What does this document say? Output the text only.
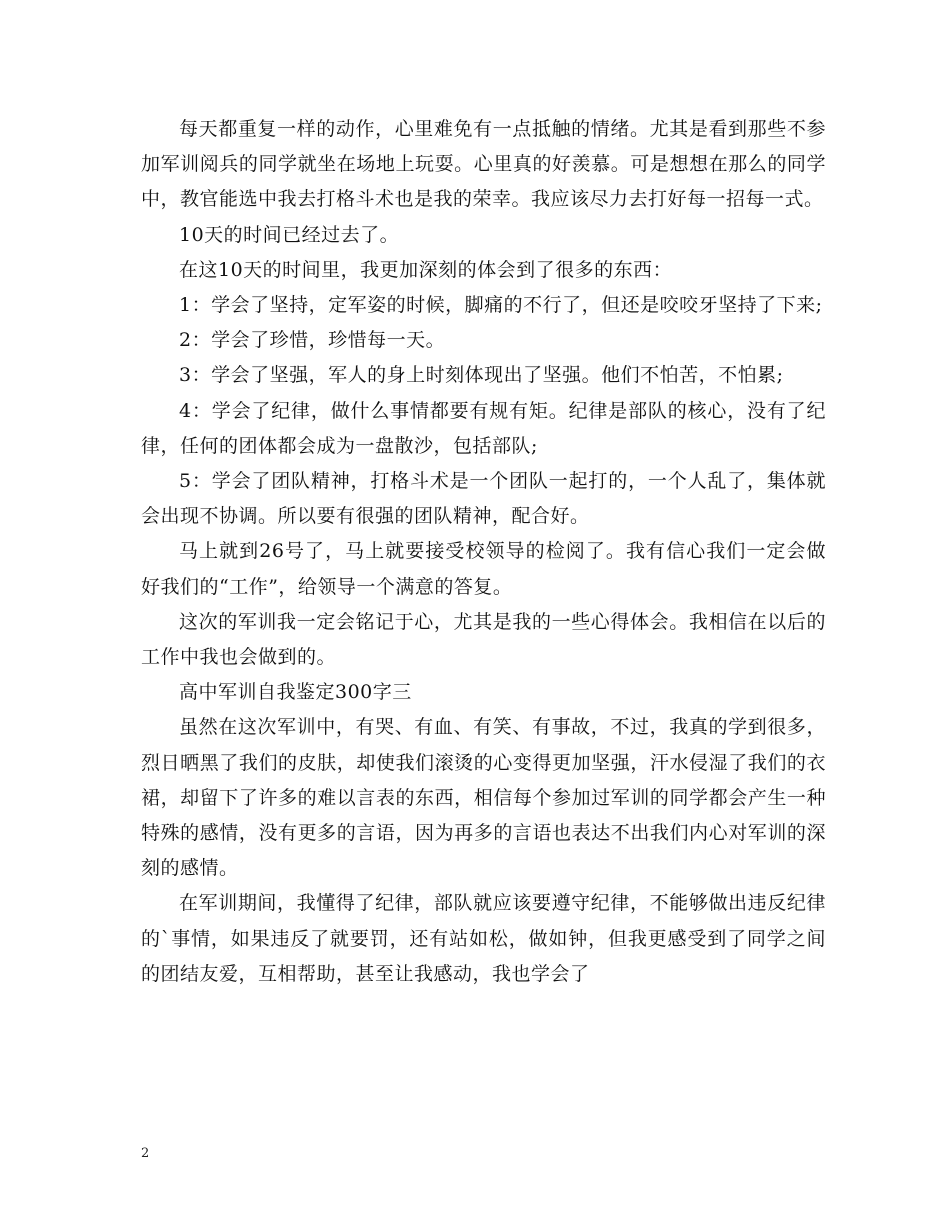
每天都重复一样的动作，心里难免有一点抵触的情绪。尤其是看到那些不参加军训阅兵的同学就坐在场地上玩耍。心里真的好羡慕。可是想想在那么的同学中，教官能选中我去打格斗术也是我的荣幸。我应该尽力去打好每一招每一式。

10天的时间已经过去了。

在这10天的时间里，我更加深刻的体会到了很多的东西：

1：学会了坚持，定军姿的时候，脚痛的不行了，但还是咬咬牙坚持了下来;

2：学会了珍惜，珍惜每一天。

3：学会了坚强，军人的身上时刻体现出了坚强。他们不怕苦，不怕累;

4：学会了纪律，做什么事情都要有规有矩。纪律是部队的核心，没有了纪律，任何的团体都会成为一盘散沙，包括部队;

5：学会了团队精神，打格斗术是一个团队一起打的，一个人乱了，集体就会出现不协调。所以要有很强的团队精神，配合好。

马上就到26号了，马上就要接受校领导的检阅了。我有信心我们一定会做好我们的“工作”，给领导一个满意的答复。

这次的军训我一定会铭记于心，尤其是我的一些心得体会。我相信在以后的工作中我也会做到的。

高中军训自我鉴定300字三

虽然在这次军训中，有哭、有血、有笑、有事故，不过，我真的学到很多，烈日晒黑了我们的皮肤，却使我们滚烫的心变得更加坚强，汗水侵湿了我们的衣裙，却留下了许多的难以言表的东西，相信每个参加过军训的同学都会产生一种特殊的感情，没有更多的言语，因为再多的言语也表达不出我们内心对军训的深刻的感情。

在军训期间，我懂得了纪律，部队就应该要遵守纪律，不能够做出违反纪律的`事情，如果违反了就要罚，还有站如松，做如钟，但我更感受到了同学之间的团结友爱，互相帮助，甚至让我感动，我也学会了

2
